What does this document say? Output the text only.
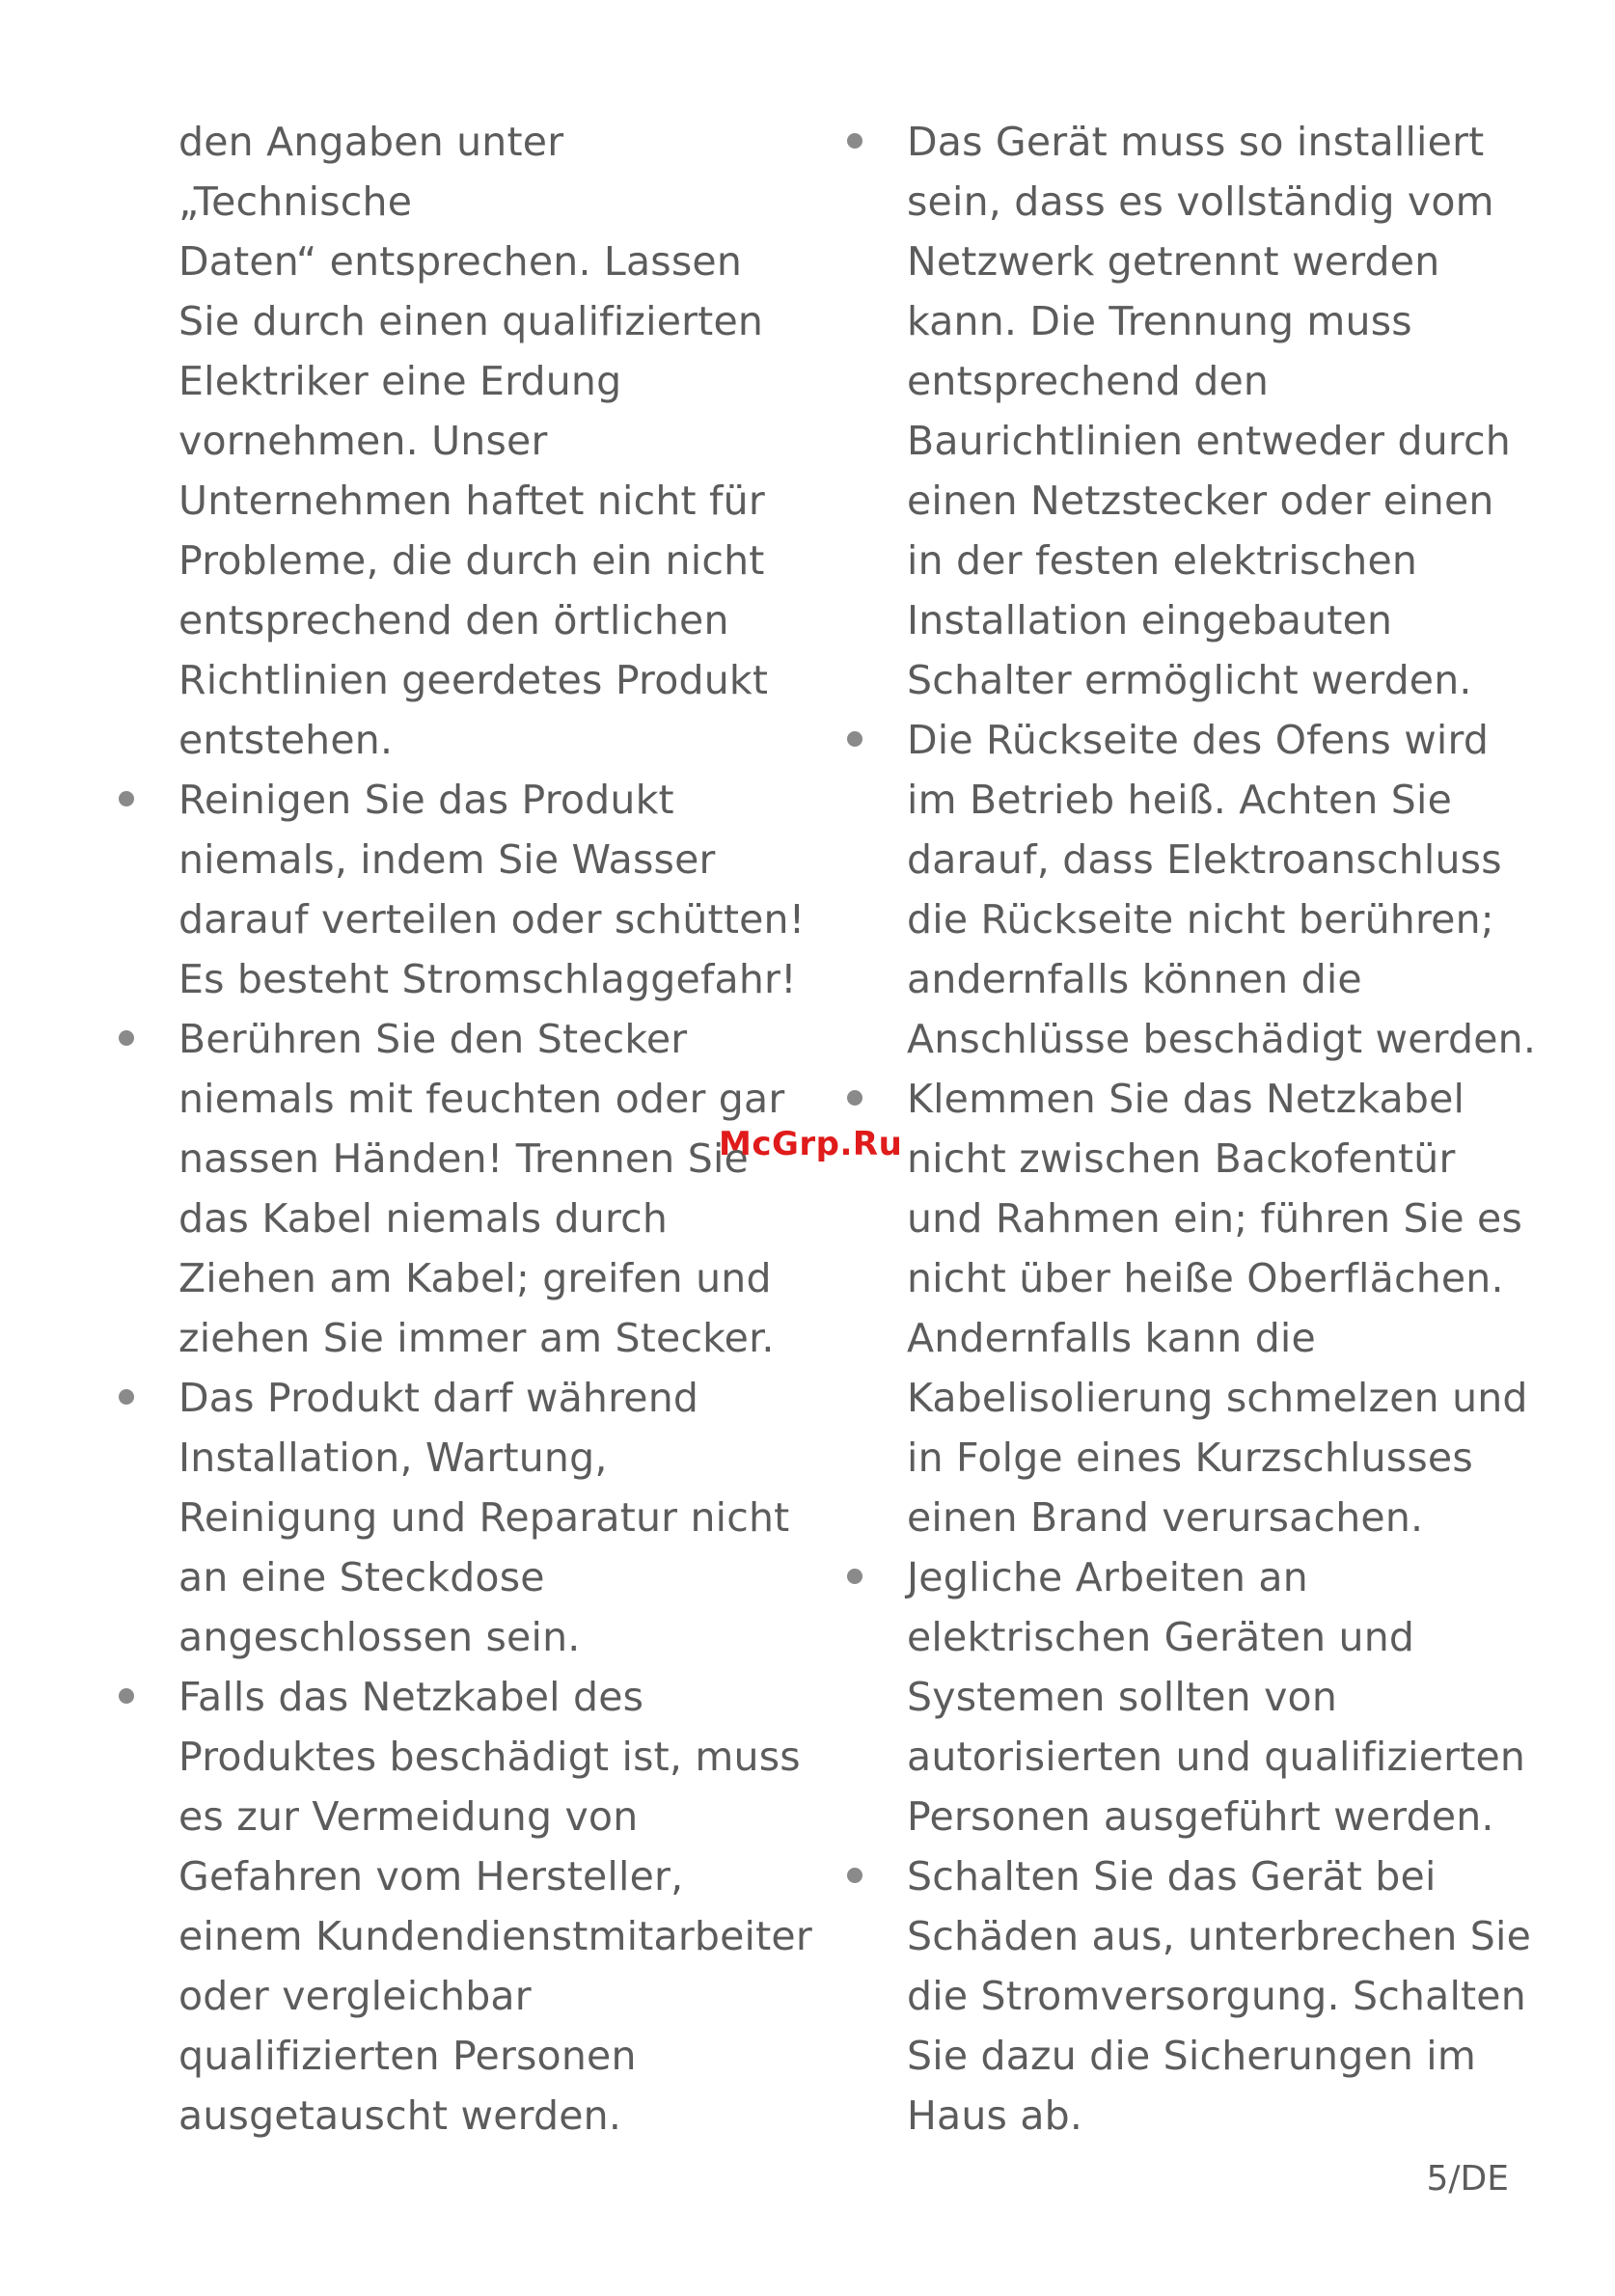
den Angaben unter
„Technische
Daten“ entsprechen. Lassen
Sie durch einen qualifizierten
Elektriker eine Erdung
vornehmen. Unser
Unternehmen haftet nicht für
Probleme, die durch ein nicht
entsprechend den örtlichen
Richtlinien geerdetes Produkt
entstehen.
Reinigen Sie das Produkt
niemals, indem Sie Wasser
darauf verteilen oder schütten!
Es besteht Stromschlaggefahr!
Berühren Sie den Stecker
niemals mit feuchten oder gar
nassen Händen! Trennen Sie
das Kabel niemals durch
Ziehen am Kabel; greifen und
ziehen Sie immer am Stecker.
Das Produkt darf während
Installation, Wartung,
Reinigung und Reparatur nicht
an eine Steckdose
angeschlossen sein.
Falls das Netzkabel des
Produktes beschädigt ist, muss
es zur Vermeidung von
Gefahren vom Hersteller,
einem Kundendienstmitarbeiter
oder vergleichbar
qualifizierten Personen
ausgetauscht werden.
Das Gerät muss so installiert
sein, dass es vollständig vom
Netzwerk getrennt werden
kann. Die Trennung muss
entsprechend den
Baurichtlinien entweder durch
einen Netzstecker oder einen
in der festen elektrischen
Installation eingebauten
Schalter ermöglicht werden.
Die Rückseite des Ofens wird
im Betrieb heiß. Achten Sie
darauf, dass Elektroanschluss
die Rückseite nicht berühren;
andernfalls können die
Anschlüsse beschädigt werden.
Klemmen Sie das Netzkabel
nicht zwischen Backofentür
und Rahmen ein; führen Sie es
nicht über heiße Oberflächen.
Andernfalls kann die
Kabelisolierung schmelzen und
in Folge eines Kurzschlusses
einen Brand verursachen.
Jegliche Arbeiten an
elektrischen Geräten und
Systemen sollten von
autorisierten und qualifizierten
Personen ausgeführt werden.
Schalten Sie das Gerät bei
Schäden aus, unterbrechen Sie
die Stromversorgung. Schalten
Sie dazu die Sicherungen im
Haus ab.
McGrp.Ru
5/DE
